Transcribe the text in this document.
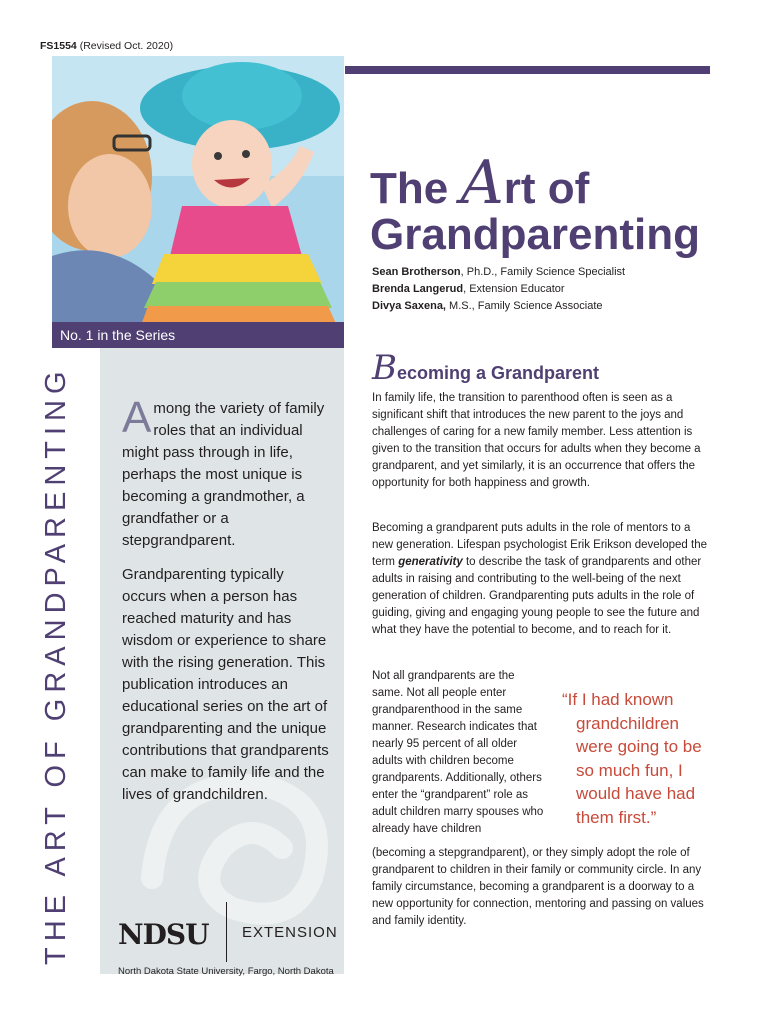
FS1554 (Revised Oct. 2020)
The Art of
Grandparenting
Sean Brotherson, Ph.D., Family Science Specialist
Brenda Langerud, Extension Educator
Divya Saxena, M.S., Family Science Associate
No. 1 in the Series
THE ART OF GRANDPARENTING Among the variety of family roles that an individual might pass through in life, perhaps the most unique is becoming a grandmother, a grandfather or a stepgrandparent.

Grandparenting typically occurs when a person has reached maturity and has wisdom or experience to share with the rising generation. This publication introduces an educational series on the art of grandparenting and the unique contributions that grandparents can make to family life and the lives of grandchildren.

NDSU EXTENSION
North Dakota State University, Fargo, North Dakota
Becoming a Grandparent
In family life, the transition to parenthood often is seen as a significant shift that introduces the new parent to the joys and challenges of caring for a new family member. Less attention is given to the transition that occurs for adults when they become a grandparent, and yet similarly, it is an occurrence that offers the opportunity for both happiness and growth.
Becoming a grandparent puts adults in the role of mentors to a new generation. Lifespan psychologist Erik Erikson developed the term generativity to describe the task of grandparents and other adults in raising and contributing to the well-being of the next generation of children. Grandparenting puts adults in the role of guiding, giving and engaging young people to see the future and what they have the potential to become, and to reach for it.
Not all grandparents are the same. Not all people enter grandparenthood in the same manner. Research indicates that nearly 95 percent of all older adults with children become grandparents. Additionally, others enter the “grandparent” role as adult children marry spouses who already have children
“If I had known
grandchildren
were going to be
so much fun, I
would have had
them first.”
(becoming a stepgrandparent), or they simply adopt the role of grandparent to children in their family or community circle. In any family circumstance, becoming a grandparent is a doorway to a new opportunity for connection, mentoring and passing on values and family identity.
